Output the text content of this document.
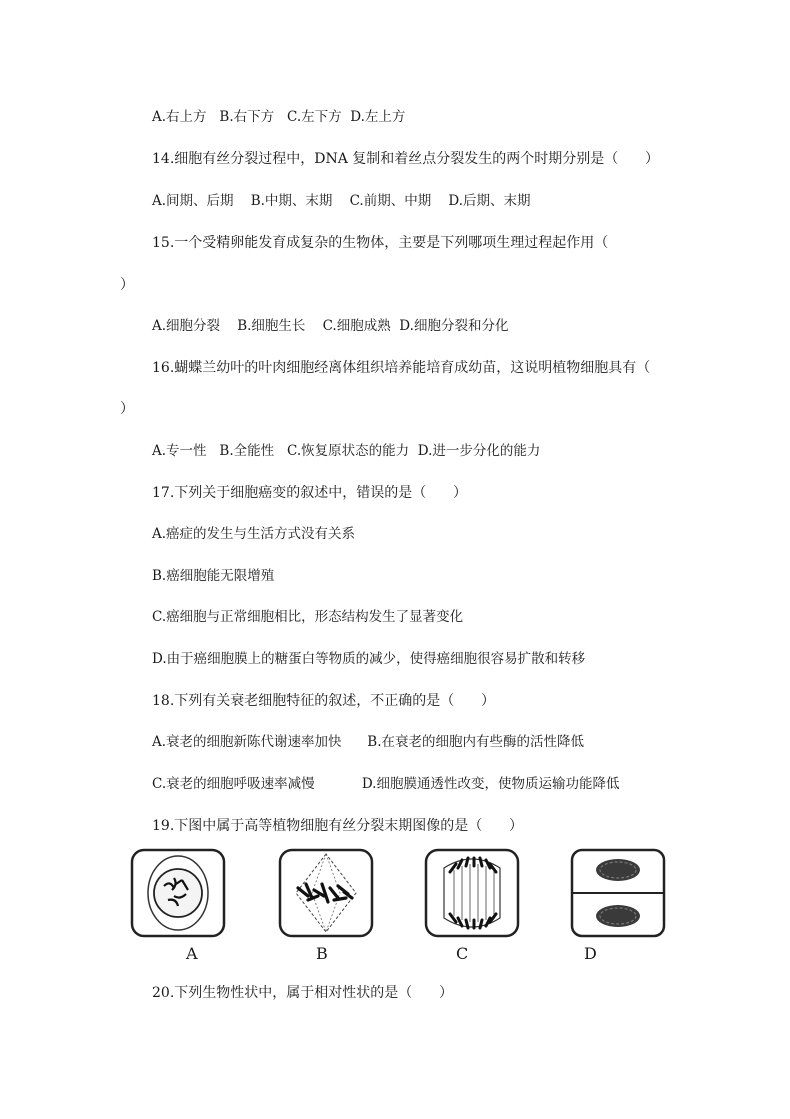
A.右上方   B.右下方   C.左下方  D.左上方
14.细胞有丝分裂过程中，DNA 复制和着丝点分裂发生的两个时期分别是（      ）
A.间期、后期    B.中期、末期    C.前期、中期    D.后期、末期
15.一个受精卵能发育成复杂的生物体，主要是下列哪项生理过程起作用（
）
A.细胞分裂    B.细胞生长    C.细胞成熟  D.细胞分裂和分化
16.蝴蝶兰幼叶的叶肉细胞经离体组织培养能培育成幼苗，这说明植物细胞具有（
）
A.专一性   B.全能性   C.恢复原状态的能力  D.进一步分化的能力
17.下列关于细胞癌变的叙述中，错误的是（      ）
A.癌症的发生与生活方式没有关系
B.癌细胞能无限增殖
C.癌细胞与正常细胞相比，形态结构发生了显著变化
D.由于癌细胞膜上的糖蛋白等物质的减少，使得癌细胞很容易扩散和转移
18.下列有关衰老细胞特征的叙述，不正确的是（      ）
A.衰老的细胞新陈代谢速率加快      B.在衰老的细胞内有些酶的活性降低
C.衰老的细胞呼吸速率减慢           D.细胞膜通透性改变，使物质运输功能降低
19.下图中属于高等植物细胞有丝分裂末期图像的是（      ）
A	B	C	D
20.下列生物性状中，属于相对性状的是（      ）
